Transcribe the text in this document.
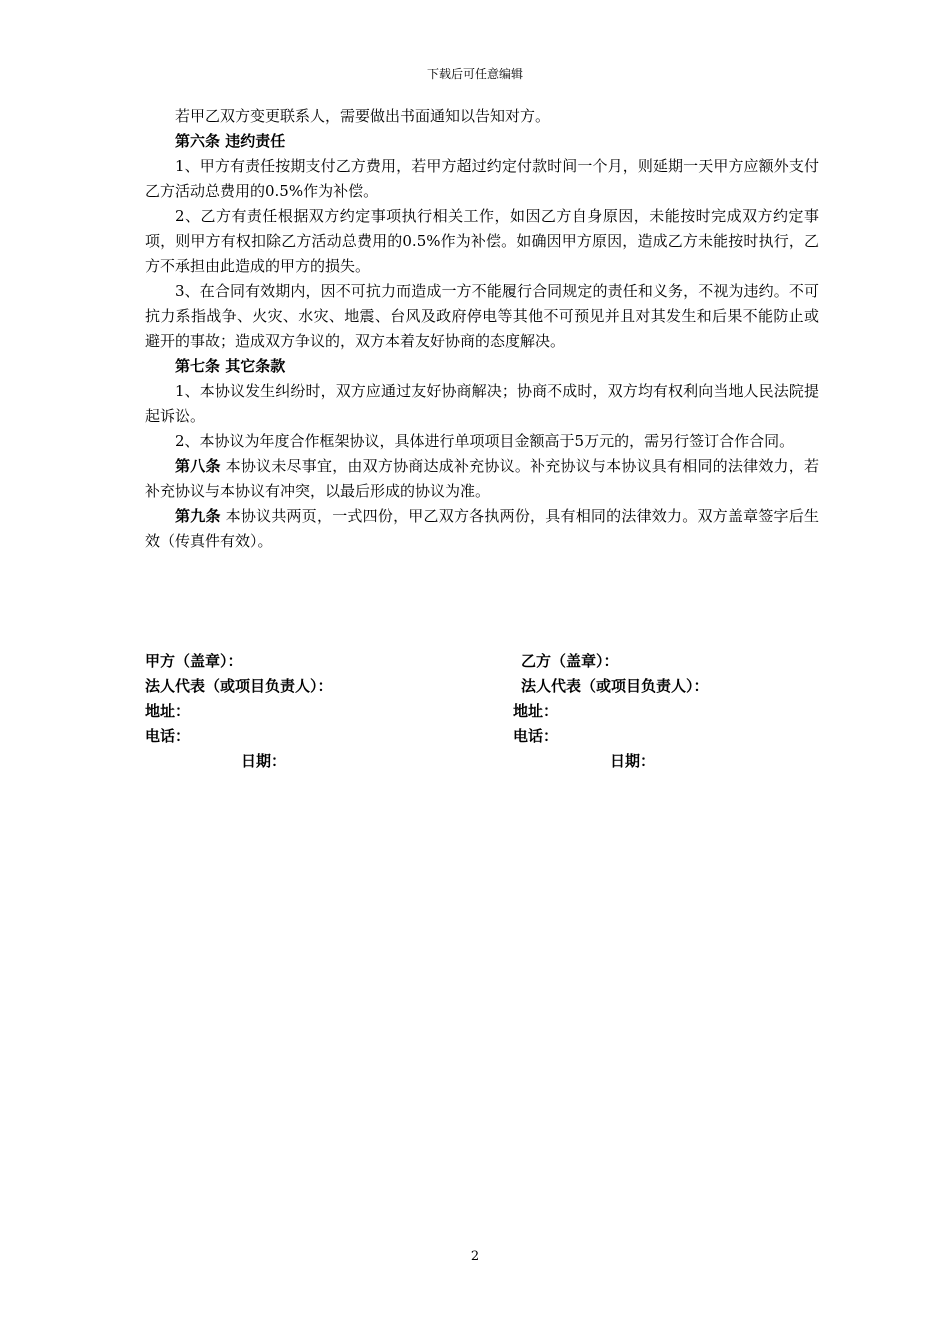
下载后可任意编辑

若甲乙双方变更联系人，需要做出书面通知以告知对方。

第六条 违约责任

1、甲方有责任按期支付乙方费用，若甲方超过约定付款时间一个月，则延期一天甲方应额外支付乙方活动总费用的0.5%作为补偿。

2、乙方有责任根据双方约定事项执行相关工作，如因乙方自身原因，未能按时完成双方约定事项，则甲方有权扣除乙方活动总费用的0.5%作为补偿。如确因甲方原因，造成乙方未能按时执行，乙方不承担由此造成的甲方的损失。

3、在合同有效期内，因不可抗力而造成一方不能履行合同规定的责任和义务，不视为违约。不可抗力系指战争、火灾、水灾、地震、台风及政府停电等其他不可预见并且对其发生和后果不能防止或避开的事故；造成双方争议的，双方本着友好协商的态度解决。

第七条 其它条款

1、本协议发生纠纷时，双方应通过友好协商解决；协商不成时，双方均有权利向当地人民法院提起诉讼。

2、本协议为年度合作框架协议，具体进行单项项目金额高于5万元的，需另行签订合作合同。

第八条 本协议未尽事宜，由双方协商达成补充协议。补充协议与本协议具有相同的法律效力，若补充协议与本协议有冲突，以最后形成的协议为准。

第九条 本协议共两页，一式四份，甲乙双方各执两份，具有相同的法律效力。双方盖章签字后生效（传真件有效）。

甲方（盖章）：	乙方（盖章）：
法人代表（或项目负责人）：	法人代表（或项目负责人）：
地址：	地址：
电话：	电话：
日期：	日期：
2
